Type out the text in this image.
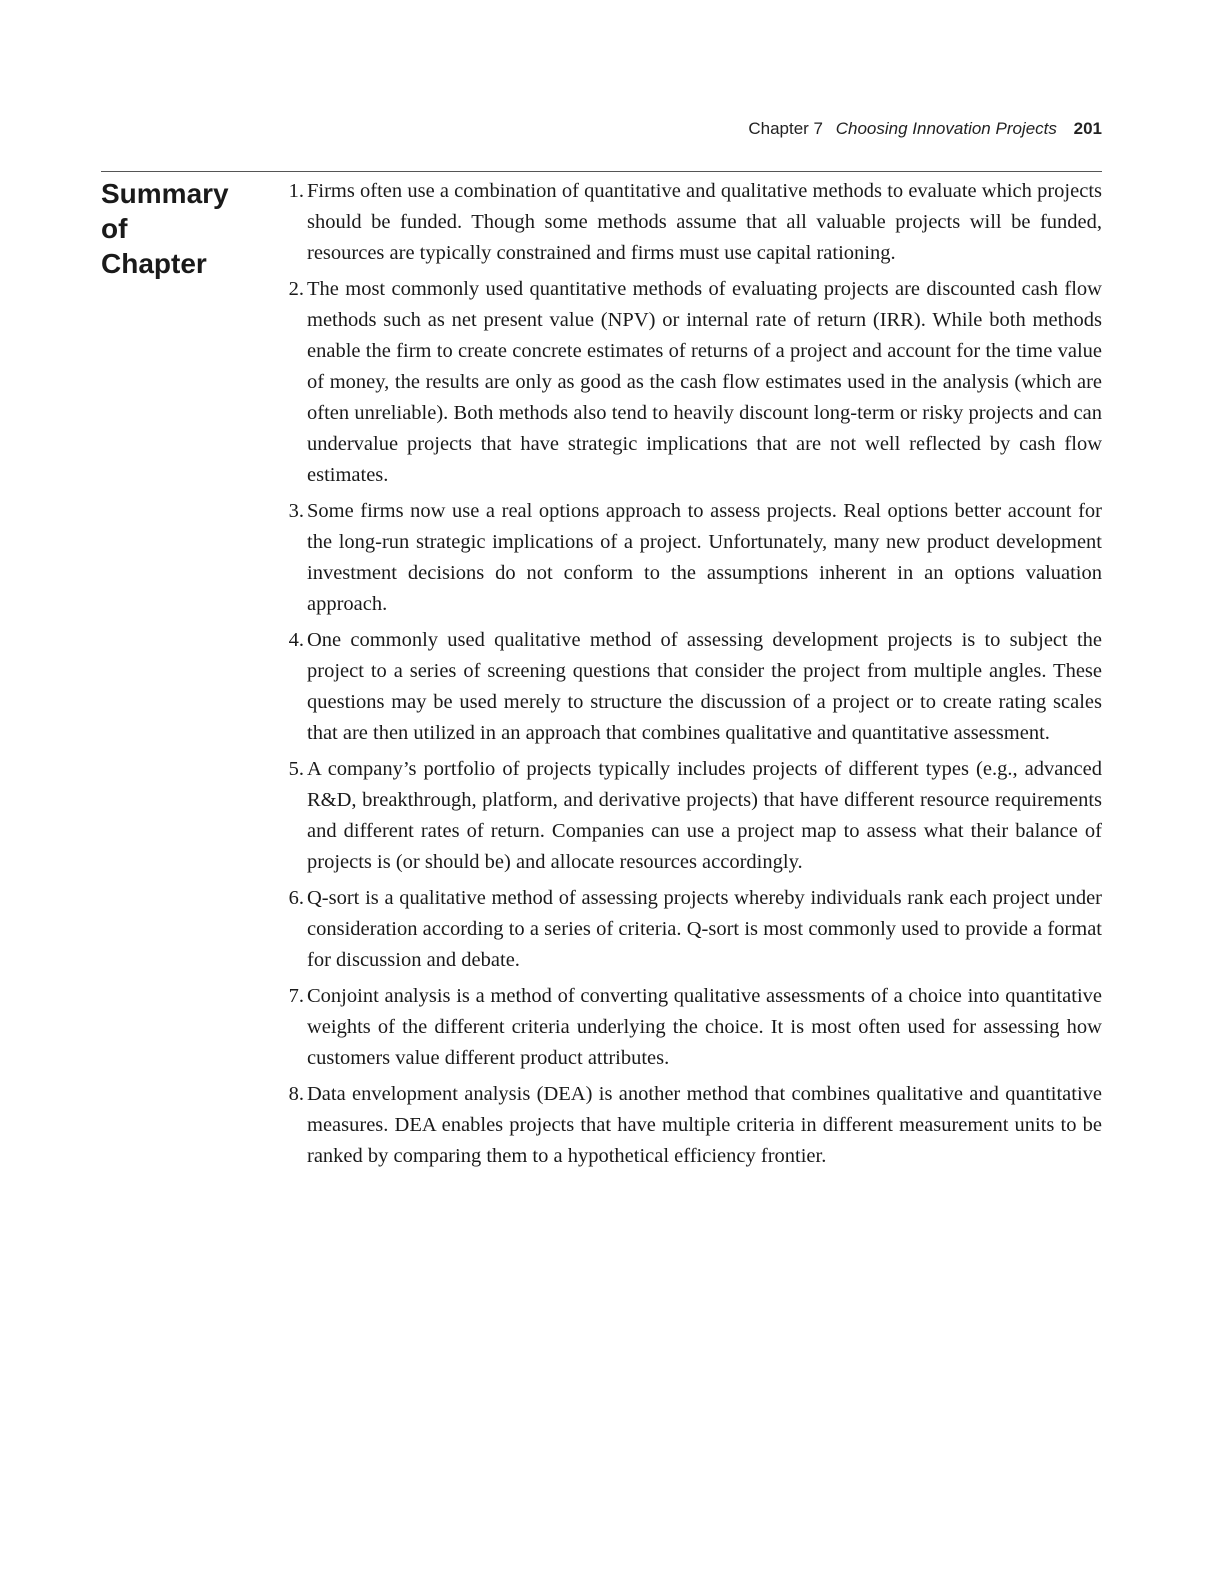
Chapter 7 Choosing Innovation Projects 201
Summary
of
Chapter
1. Firms often use a combination of quantitative and qualitative methods to evaluate which projects should be funded. Though some methods assume that all valuable projects will be funded, resources are typically constrained and firms must use capital rationing.
2. The most commonly used quantitative methods of evaluating projects are discounted cash flow methods such as net present value (NPV) or internal rate of return (IRR). While both methods enable the firm to create concrete estimates of returns of a project and account for the time value of money, the results are only as good as the cash flow estimates used in the analysis (which are often unreliable). Both methods also tend to heavily discount long-term or risky projects and can undervalue projects that have strategic implications that are not well reflected by cash flow estimates.
3. Some firms now use a real options approach to assess projects. Real options better account for the long-run strategic implications of a project. Unfortunately, many new product development investment decisions do not conform to the assumptions inherent in an options valuation approach.
4. One commonly used qualitative method of assessing development projects is to subject the project to a series of screening questions that consider the project from multiple angles. These questions may be used merely to structure the discussion of a project or to create rating scales that are then utilized in an approach that combines qualitative and quantitative assessment.
5. A company’s portfolio of projects typically includes projects of different types (e.g., advanced R&D, breakthrough, platform, and derivative projects) that have different resource requirements and different rates of return. Companies can use a project map to assess what their balance of projects is (or should be) and allocate resources accordingly.
6. Q-sort is a qualitative method of assessing projects whereby individuals rank each project under consideration according to a series of criteria. Q-sort is most commonly used to provide a format for discussion and debate.
7. Conjoint analysis is a method of converting qualitative assessments of a choice into quantitative weights of the different criteria underlying the choice. It is most often used for assessing how customers value different product attributes.
8. Data envelopment analysis (DEA) is another method that combines qualitative and quantitative measures. DEA enables projects that have multiple criteria in different measurement units to be ranked by comparing them to a hypothetical efficiency frontier.
